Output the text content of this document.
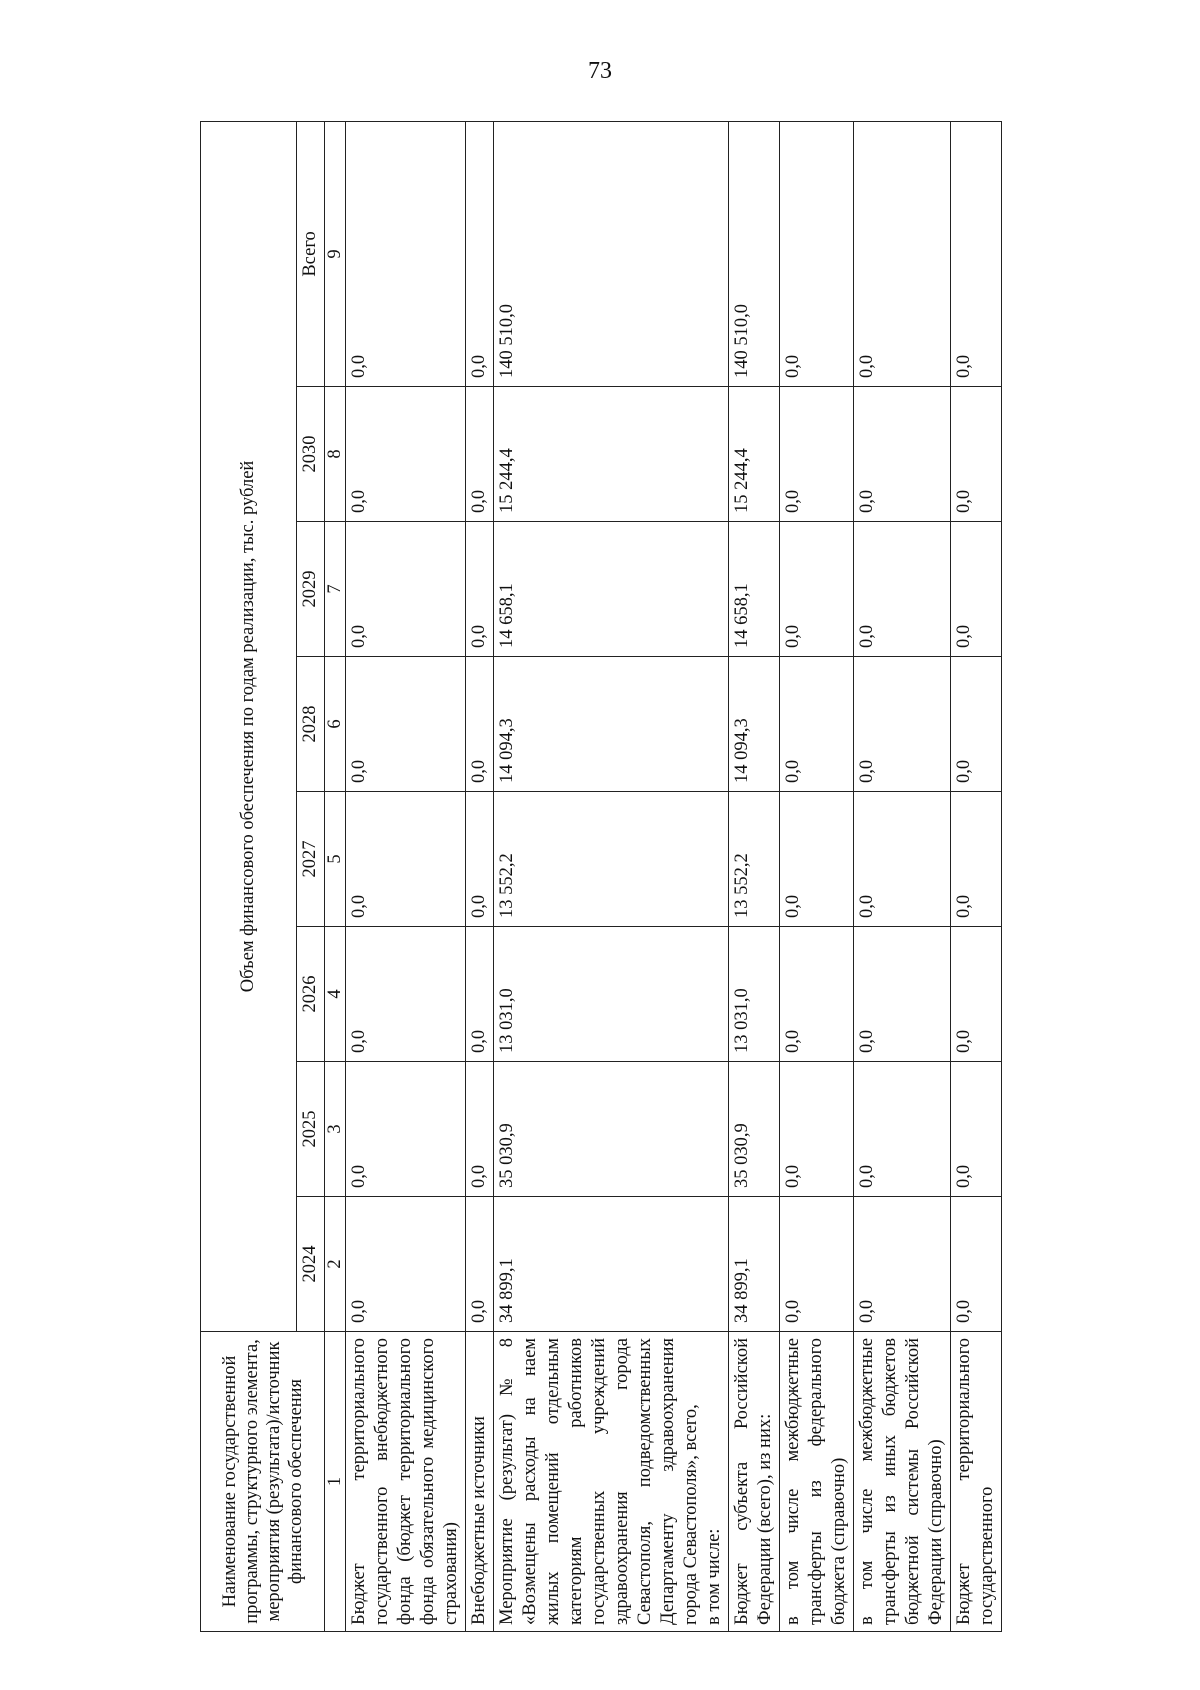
73
Наименование государственной программы, структурного элемента, мероприятия (результата)/источник финансового обеспечения	Объем финансового обеспечения по годам реализации, тыс. рублей							
	2024	2025	2026	2027	2028	2029	2030	Всего
1	2	3	4	5	6	7	8	9
Бюджет территориального государственного внебюджетного фонда (бюджет территориального фонда обязательного медицинского страхования)	0,0	0,0	0,0	0,0	0,0	0,0	0,0	0,0
Внебюджетные источники	0,0	0,0	0,0	0,0	0,0	0,0	0,0	0,0
Мероприятие (результат) № 8 «Возмещены расходы на наем жилых помещений отдельным категориям работников государственных учреждений здравоохранения города Севастополя, подведомственных Департаменту здравоохранения города Севастополя», всего, в том числе:	34 899,1	35 030,9	13 031,0	13 552,2	14 094,3	14 658,1	15 244,4	140 510,0
Бюджет субъекта Российской Федерации (всего), из них:	34 899,1	35 030,9	13 031,0	13 552,2	14 094,3	14 658,1	15 244,4	140 510,0
в том числе межбюджетные трансферты из федерального бюджета (справочно)	0,0	0,0	0,0	0,0	0,0	0,0	0,0	0,0
в том числе межбюджетные трансферты из иных бюджетов бюджетной системы Российской Федерации (справочно)	0,0	0,0	0,0	0,0	0,0	0,0	0,0	0,0
Бюджет территориального государственного	0,0	0,0	0,0	0,0	0,0	0,0	0,0	0,0
